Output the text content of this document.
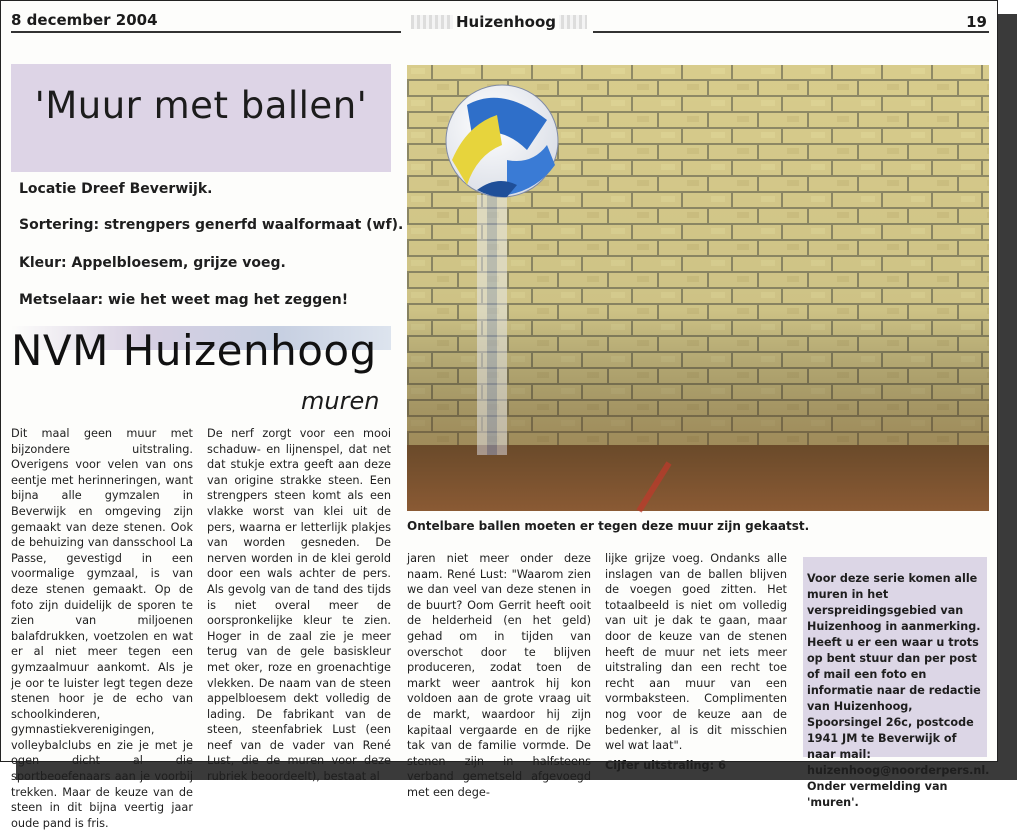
8 december 2004	Huizenhoog	19
'Muur met ballen'
Locatie Dreef Beverwijk.
Sortering: strengpers generfd waalformaat (wf).
Kleur: Appelbloesem, grijze voeg.
Metselaar: wie het weet mag het zeggen!
NVM Huizenhoog
muren
Ontelbare ballen moeten er tegen deze muur zijn gekaatst.

Dit maal geen muur met bijzondere uitstraling. Overigens voor velen van ons eentje met herinneringen, want bijna alle gymzalen in Beverwijk en omgeving zijn gemaakt van deze stenen. Ook de behuizing van dansschool La Passe, gevestigd in een voormalige gymzaal, is van deze stenen gemaakt. Op de foto zijn duidelijk de sporen te zien van miljoenen balafdrukken, voetzolen en wat er al niet meer tegen een gymzaalmuur aankomt. Als je je oor te luister legt tegen deze stenen hoor je de echo van schoolkinderen, gymnastiekverenigingen, volleybalclubs en zie je met je ogen dicht al die sportbeoefenaars aan je voorbij trekken. Maar de keuze van de steen in dit bijna veertig jaar oude pand is fris.

De nerf zorgt voor een mooi schaduw- en lijnenspel, dat net dat stukje extra geeft aan deze van origine strakke steen. Een strengpers steen komt als een vlakke worst van klei uit de pers, waarna er letterlijk plakjes van worden gesneden. De nerven worden in de klei gerold door een wals achter de pers. Als gevolg van de tand des tijds is niet overal meer de oorspronkelijke kleur te zien. Hoger in de zaal zie je meer terug van de gele basiskleur met oker, roze en groenachtige vlekken. De naam van de steen appelbloesem dekt volledig de lading. De fabrikant van de steen, steenfabriek Lust (een neef van de vader van René Lust, die de muren voor deze rubriek beoordeelt), bestaat al

jaren niet meer onder deze naam. René Lust: "Waarom zien we dan veel van deze stenen in de buurt? Oom Gerrit heeft ooit de helderheid (en het geld) gehad om in tijden van overschot door te blijven produceren, zodat toen de markt weer aantrok hij kon voldoen aan de grote vraag uit de markt, waardoor hij zijn kapitaal vergaarde en de rijke tak van de familie vormde. De stenen zijn in halfsteens verband gemetseld afgevoegd met een dege-

lijke grijze voeg. Ondanks alle inslagen van de ballen blijven de voegen goed zitten. Het totaalbeeld is niet om volledig van uit je dak te gaan, maar door de keuze van de stenen heeft de muur net iets meer uitstraling dan een recht toe recht aan muur van een vormbaksteen. Complimenten nog voor de keuze aan de bedenker, al is dit misschien wel wat laat".

Cijfer uitstraling: 6

Voor deze serie komen alle muren in het verspreidingsgebied van Huizenhoog in aanmerking. Heeft u er een waar u trots op bent stuur dan per post of mail een foto en informatie naar de redactie van Huizenhoog, Spoorsingel 26c, postcode 1941 JM te Beverwijk of naar mail: huizenhoog@noorderpers.nl. Onder vermelding van 'muren'.
